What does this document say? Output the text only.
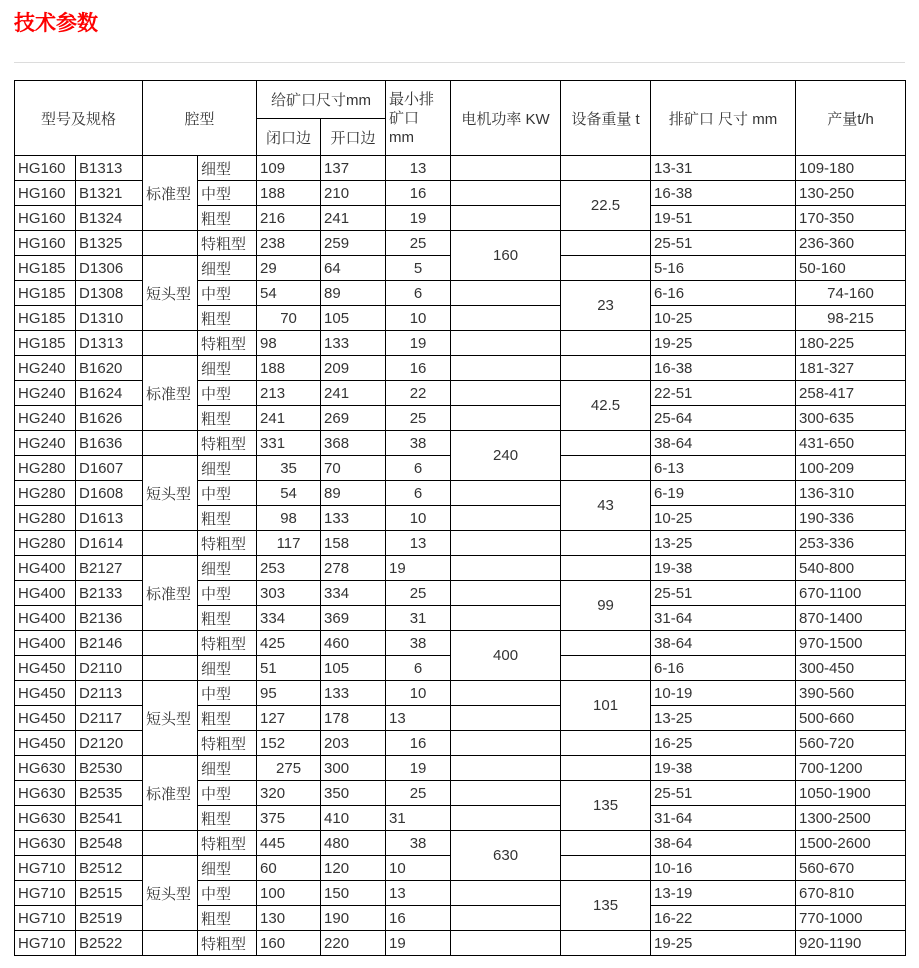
技术参数
型号及规格		腔型		给矿口尺寸mm		最小排矿口 mm	电机功率 KW	设备重量 t	排矿口 尺寸 mm	产量t/h
				闭口边	开口边					
HG160	B1313	标准型	细型	109	137	13			13-31	109-180
HG160	B1321		中型	188	210	16		22.5	16-38	130-250
HG160	B1324		粗型	216	241	19			19-51	170-350
HG160	B1325		特粗型	238	259	25	160		25-51	236-360
HG185	D1306	短头型	细型	29	64	5			5-16	50-160
HG185	D1308		中型	54	89	6		23	6-16	74-160
HG185	D1310		粗型	70	105	10			10-25	98-215
HG185	D1313		特粗型	98	133	19			19-25	180-225
HG240	B1620	标准型	细型	188	209	16			16-38	181-327
HG240	B1624		中型	213	241	22		42.5	22-51	258-417
HG240	B1626		粗型	241	269	25			25-64	300-635
HG240	B1636		特粗型	331	368	38	240		38-64	431-650
HG280	D1607	短头型	细型	35	70	6			6-13	100-209
HG280	D1608		中型	54	89	6		43	6-19	136-310
HG280	D1613		粗型	98	133	10			10-25	190-336
HG280	D1614		特粗型	117	158	13			13-25	253-336
HG400	B2127	标准型	细型	253	278	19			19-38	540-800
HG400	B2133		中型	303	334	25		99	25-51	670-1100
HG400	B2136		粗型	334	369	31			31-64	870-1400
HG400	B2146		特粗型	425	460	38	400		38-64	970-1500
HG450	D2110		细型	51	105	6			6-16	300-450
HG450	D2113	短头型	中型	95	133	10		101	10-19	390-560
HG450	D2117		粗型	127	178	13			13-25	500-660
HG450	D2120		特粗型	152	203	16			16-25	560-720
HG630	B2530	标准型	细型	275	300	19			19-38	700-1200
HG630	B2535		中型	320	350	25		135	25-51	1050-1900
HG630	B2541		粗型	375	410	31			31-64	1300-2500
HG630	B2548		特粗型	445	480	38	630		38-64	1500-2600
HG710	B2512	短头型	细型	60	120	10			10-16	560-670
HG710	B2515		中型	100	150	13		135	13-19	670-810
HG710	B2519		粗型	130	190	16			16-22	770-1000
HG710	B2522		特粗型	160	220	19			19-25	920-1190
